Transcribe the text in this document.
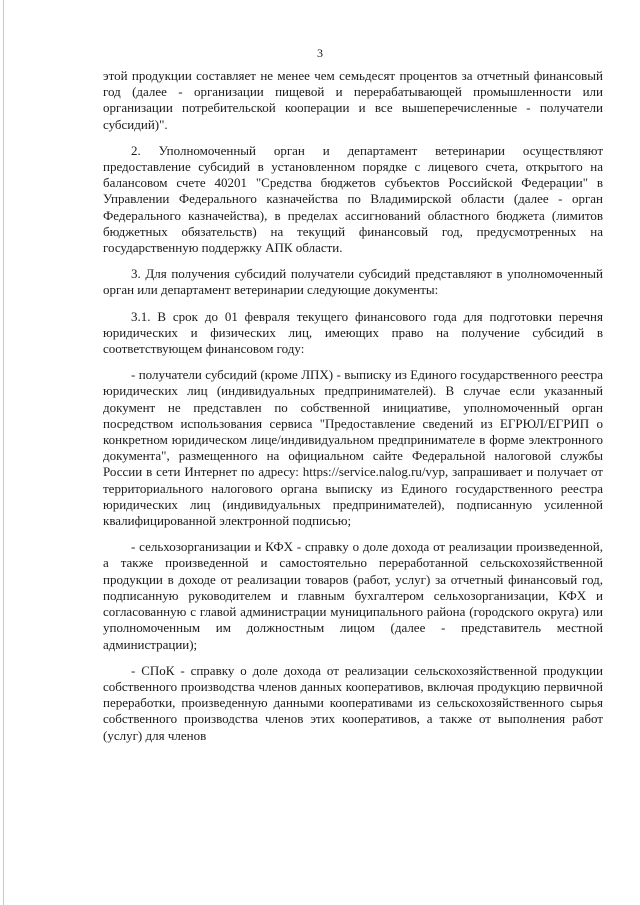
3

этой продукции составляет не менее чем семьдесят процентов за отчетный финансовый год (далее - организации пищевой и перерабатывающей промышленности или организации потребительской кооперации и все вышеперечисленные - получатели субсидий)".

2. Уполномоченный орган и департамент ветеринарии осуществляют предоставление субсидий в установленном порядке с лицевого счета, открытого на балансовом счете 40201 "Средства бюджетов субъектов Российской Федерации" в Управлении Федерального казначейства по Владимирской области (далее - орган Федерального казначейства), в пределах ассигнований областного бюджета (лимитов бюджетных обязательств) на текущий финансовый год, предусмотренных на государственную поддержку АПК области.

3. Для получения субсидий получатели субсидий представляют в уполномоченный орган или департамент ветеринарии следующие документы:

3.1. В срок до 01 февраля текущего финансового года для подготовки перечня юридических и физических лиц, имеющих право на получение субсидий в соответствующем финансовом году:

- получатели субсидий (кроме ЛПХ) - выписку из Единого государственного реестра юридических лиц (индивидуальных предпринимателей). В случае если указанный документ не представлен по собственной инициативе, уполномоченный орган посредством использования сервиса "Предоставление сведений из ЕГРЮЛ/ЕГРИП о конкретном юридическом лице/индивидуальном предпринимателе в форме электронного документа", размещенного на официальном сайте Федеральной налоговой службы России в сети Интернет по адресу: https://service.nalog.ru/vyp, запрашивает и получает от территориального налогового органа выписку из Единого государственного реестра юридических лиц (индивидуальных предпринимателей), подписанную усиленной квалифицированной электронной подписью;

- сельхозорганизации и КФХ - справку о доле дохода от реализации произведенной, а также произведенной и самостоятельно переработанной сельскохозяйственной продукции в доходе от реализации товаров (работ, услуг) за отчетный финансовый год, подписанную руководителем и главным бухгалтером сельхозорганизации, КФХ и согласованную с главой администрации муниципального района (городского округа) или уполномоченным им должностным лицом (далее - представитель местной администрации);

- СПоК - справку о доле дохода от реализации сельскохозяйственной продукции собственного производства членов данных кооперативов, включая продукцию первичной переработки, произведенную данными кооперативами из сельскохозяйственного сырья собственного производства членов этих кооперативов, а также от выполнения работ (услуг) для членов
